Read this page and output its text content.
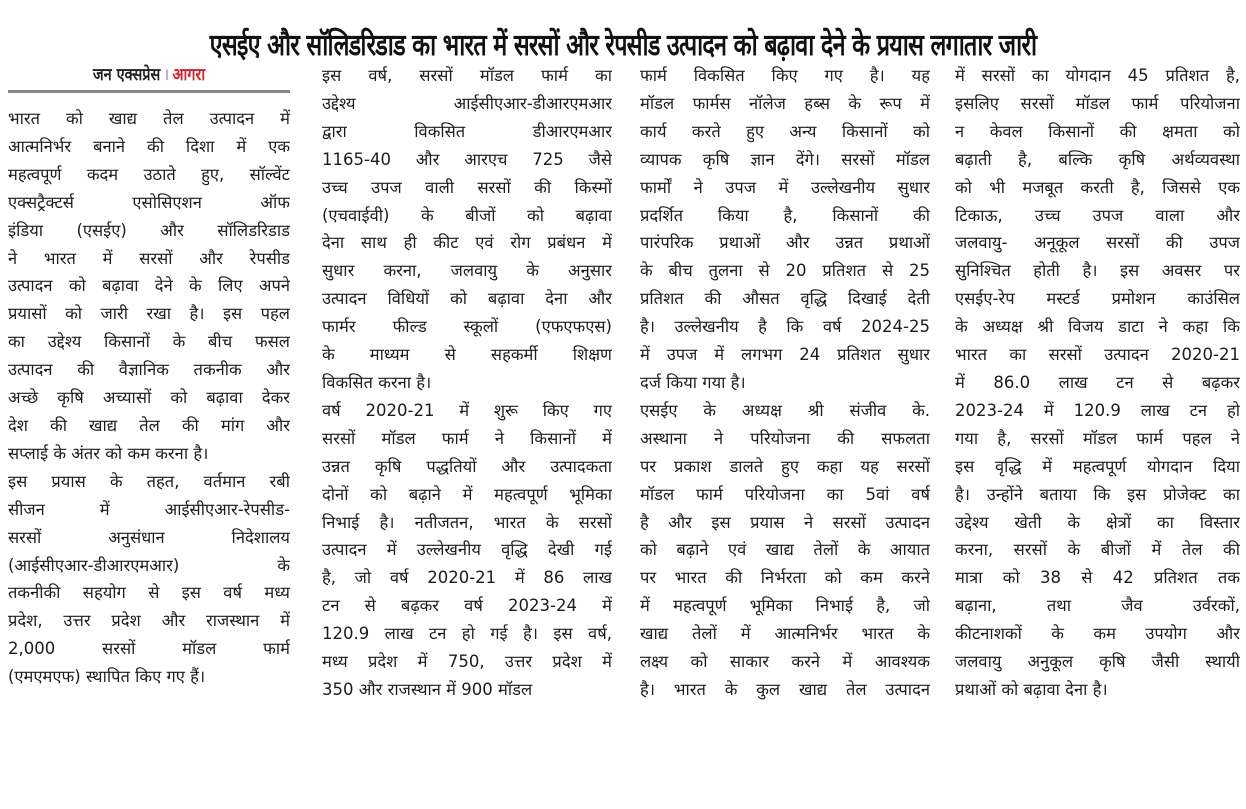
एसईए और सॉलिडरिडाड का भारत में सरसों और रेपसीड उत्पादन को बढ़ावा देने के प्रयास लगातार जारी
जन एक्सप्रेस । आगरा
भारत को खाद्य तेल उत्पादन में
आत्मनिर्भर बनाने की दिशा में एक
महत्वपूर्ण कदम उठाते हुए, सॉल्वेंट
एक्सट्रैक्टर्स एसोसिएशन ऑफ
इंडिया (एसईए) और सॉलिडरिडाड
ने भारत में सरसों और रेपसीड
उत्पादन को बढ़ावा देने के लिए अपने
प्रयासों को जारी रखा है। इस पहल
का उद्देश्य किसानों के बीच फसल
उत्पादन की वैज्ञानिक तकनीक और
अच्छे कृषि अच्यासों को बढ़ावा देकर
देश की खाद्य तेल की मांग और
सप्लाई के अंतर को कम करना है।
इस प्रयास के तहत, वर्तमान रबी
सीजन में आईसीएआर-रेपसीड-
सरसों अनुसंधान निदेशालय
(आईसीएआर-डीआरएमआर) के
तकनीकी सहयोग से इस वर्ष मध्य
प्रदेश, उत्तर प्रदेश और राजस्थान में
2,000 सरसों मॉडल फार्म
(एमएमएफ) स्थापित किए गए हैं।
इस वर्ष, सरसों मॉडल फार्म का
उद्देश्य आईसीएआर-डीआरएमआर
द्वारा विकसित डीआरएमआर
1165-40 और आरएच 725 जैसे
उच्च उपज वाली सरसों की किस्मों
(एचवाईवी) के बीजों को बढ़ावा
देना साथ ही कीट एवं रोग प्रबंधन में
सुधार करना, जलवायु के अनुसार
उत्पादन विधियों को बढ़ावा देना और
फार्मर फील्ड स्कूलों (एफएफएस)
के माध्यम से सहकर्मी शिक्षण
विकसित करना है।
वर्ष 2020-21 में शुरू किए गए
सरसों मॉडल फार्म ने किसानों में
उन्नत कृषि पद्धतियों और उत्पादकता
दोनों को बढ़ाने में महत्वपूर्ण भूमिका
निभाई है। नतीजतन, भारत के सरसों
उत्पादन में उल्लेखनीय वृद्धि देखी गई
है, जो वर्ष 2020-21 में 86 लाख
टन से बढ़कर वर्ष 2023-24 में
120.9 लाख टन हो गई है। इस वर्ष,
मध्य प्रदेश में 750, उत्तर प्रदेश में
350 और राजस्थान में 900 मॉडल
फार्म विकसित किए गए है। यह
मॉडल फार्मस नॉलेज हब्स के रूप में
कार्य करते हुए अन्य किसानों को
व्यापक कृषि ज्ञान देंगे। सरसों मॉडल
फार्मों ने उपज में उल्लेखनीय सुधार
प्रदर्शित किया है, किसानों की
पारंपरिक प्रथाओं और उन्नत प्रथाओं
के बीच तुलना से 20 प्रतिशत से 25
प्रतिशत की औसत वृद्धि दिखाई देती
है। उल्लेखनीय है कि वर्ष 2024-25
में उपज में लगभग 24 प्रतिशत सुधार
दर्ज किया गया है।
एसईए के अध्यक्ष श्री संजीव के.
अस्थाना ने परियोजना की सफलता
पर प्रकाश डालते हुए कहा यह सरसों
मॉडल फार्म परियोजना का 5वां वर्ष
है और इस प्रयास ने सरसों उत्पादन
को बढ़ाने एवं खाद्य तेलों के आयात
पर भारत की निर्भरता को कम करने
में महत्वपूर्ण भूमिका निभाई है, जो
खाद्य तेलों में आत्मनिर्भर भारत के
लक्ष्य को साकार करने में आवश्यक
है। भारत के कुल खाद्य तेल उत्पादन
में सरसों का योगदान 45 प्रतिशत है,
इसलिए सरसों मॉडल फार्म परियोजना
न केवल किसानों की क्षमता को
बढ़ाती है, बल्कि कृषि अर्थव्यवस्था
को भी मजबूत करती है, जिससे एक
टिकाऊ, उच्च उपज वाला और
जलवायु- अनूकूल सरसों की उपज
सुनिश्चित होती है। इस अवसर पर
एसईए-रेप मस्टर्ड प्रमोशन काउंसिल
के अध्यक्ष श्री विजय डाटा ने कहा कि
भारत का सरसों उत्पादन 2020-21
में 86.0 लाख टन से बढ़कर
2023-24 में 120.9 लाख टन हो
गया है, सरसों मॉडल फार्म पहल ने
इस वृद्धि में महत्वपूर्ण योगदान दिया
है। उन्होंने बताया कि इस प्रोजेक्ट का
उद्देश्य खेती के क्षेत्रों का विस्तार
करना, सरसों के बीजों में तेल की
मात्रा को 38 से 42 प्रतिशत तक
बढ़ाना, तथा जैव उर्वरकों,
कीटनाशकों के कम उपयोग और
जलवायु अनुकूल कृषि जैसी स्थायी
प्रथाओं को बढ़ावा देना है।
